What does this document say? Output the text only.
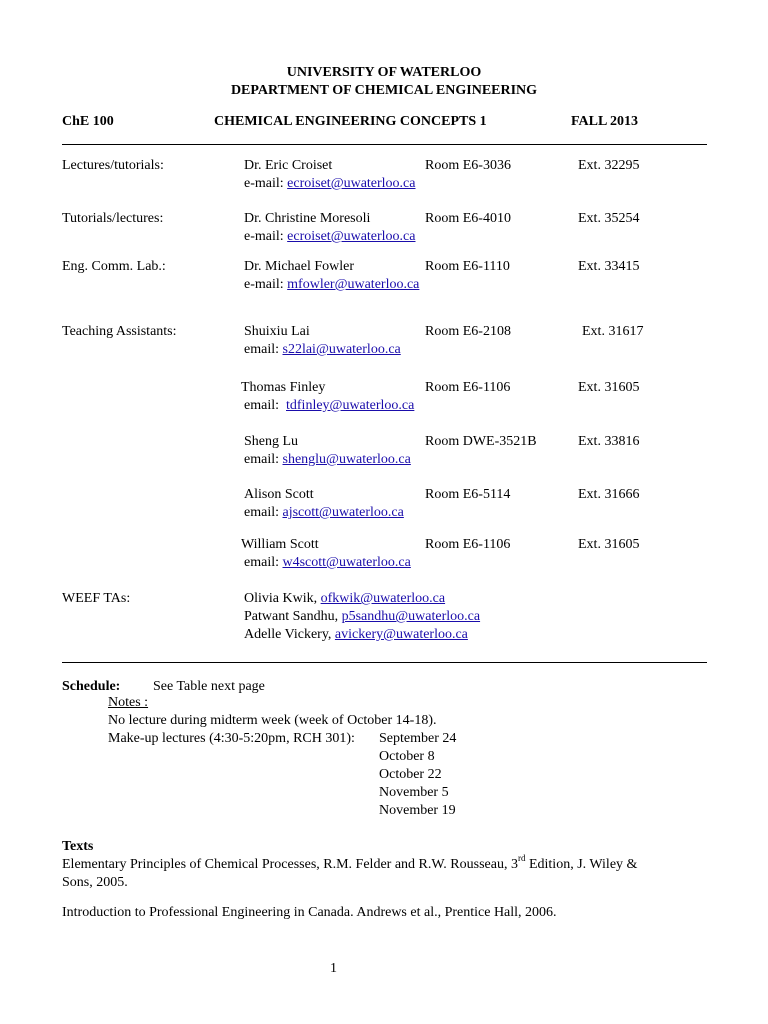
UNIVERSITY OF WATERLOO
DEPARTMENT OF CHEMICAL ENGINEERING
ChE 100	CHEMICAL ENGINEERING CONCEPTS 1	FALL 2013
Lectures/tutorials:	Dr. Eric Croiset	Room E6-3036	Ext. 32295
e-mail: ecroiset@uwaterloo.ca
Tutorials/lectures:	Dr. Christine Moresoli	Room E6-4010	Ext. 35254
e-mail: ecroiset@uwaterloo.ca
Eng. Comm. Lab.:	Dr. Michael Fowler	Room E6-1110	Ext. 33415
e-mail: mfowler@uwaterloo.ca
Teaching Assistants:	Shuixiu Lai	Room E6-2108	Ext. 31617
email: s22lai@uwaterloo.ca
Thomas Finley	Room E6-1106	Ext. 31605
email:  tdfinley@uwaterloo.ca
Sheng Lu	Room DWE-3521B	Ext. 33816
email: shenglu@uwaterloo.ca
Alison Scott	Room E6-5114	Ext. 31666
email: ajscott@uwaterloo.ca
William Scott	Room E6-1106	Ext. 31605
email: w4scott@uwaterloo.ca
WEEF TAs:	Olivia Kwik, ofkwik@uwaterloo.ca
Patwant Sandhu, p5sandhu@uwaterloo.ca
Adelle Vickery, avickery@uwaterloo.ca
Schedule: See Table next page
Notes :
No lecture during midterm week (week of October 14-18).
Make-up lectures (4:30-5:20pm, RCH 301): September 24
October 8
October 22
November 5
November 19
Texts
Elementary Principles of Chemical Processes, R.M. Felder and R.W. Rousseau, 3rd Edition, J. Wiley &
Sons, 2005.
Introduction to Professional Engineering in Canada. Andrews et al., Prentice Hall, 2006.
1
